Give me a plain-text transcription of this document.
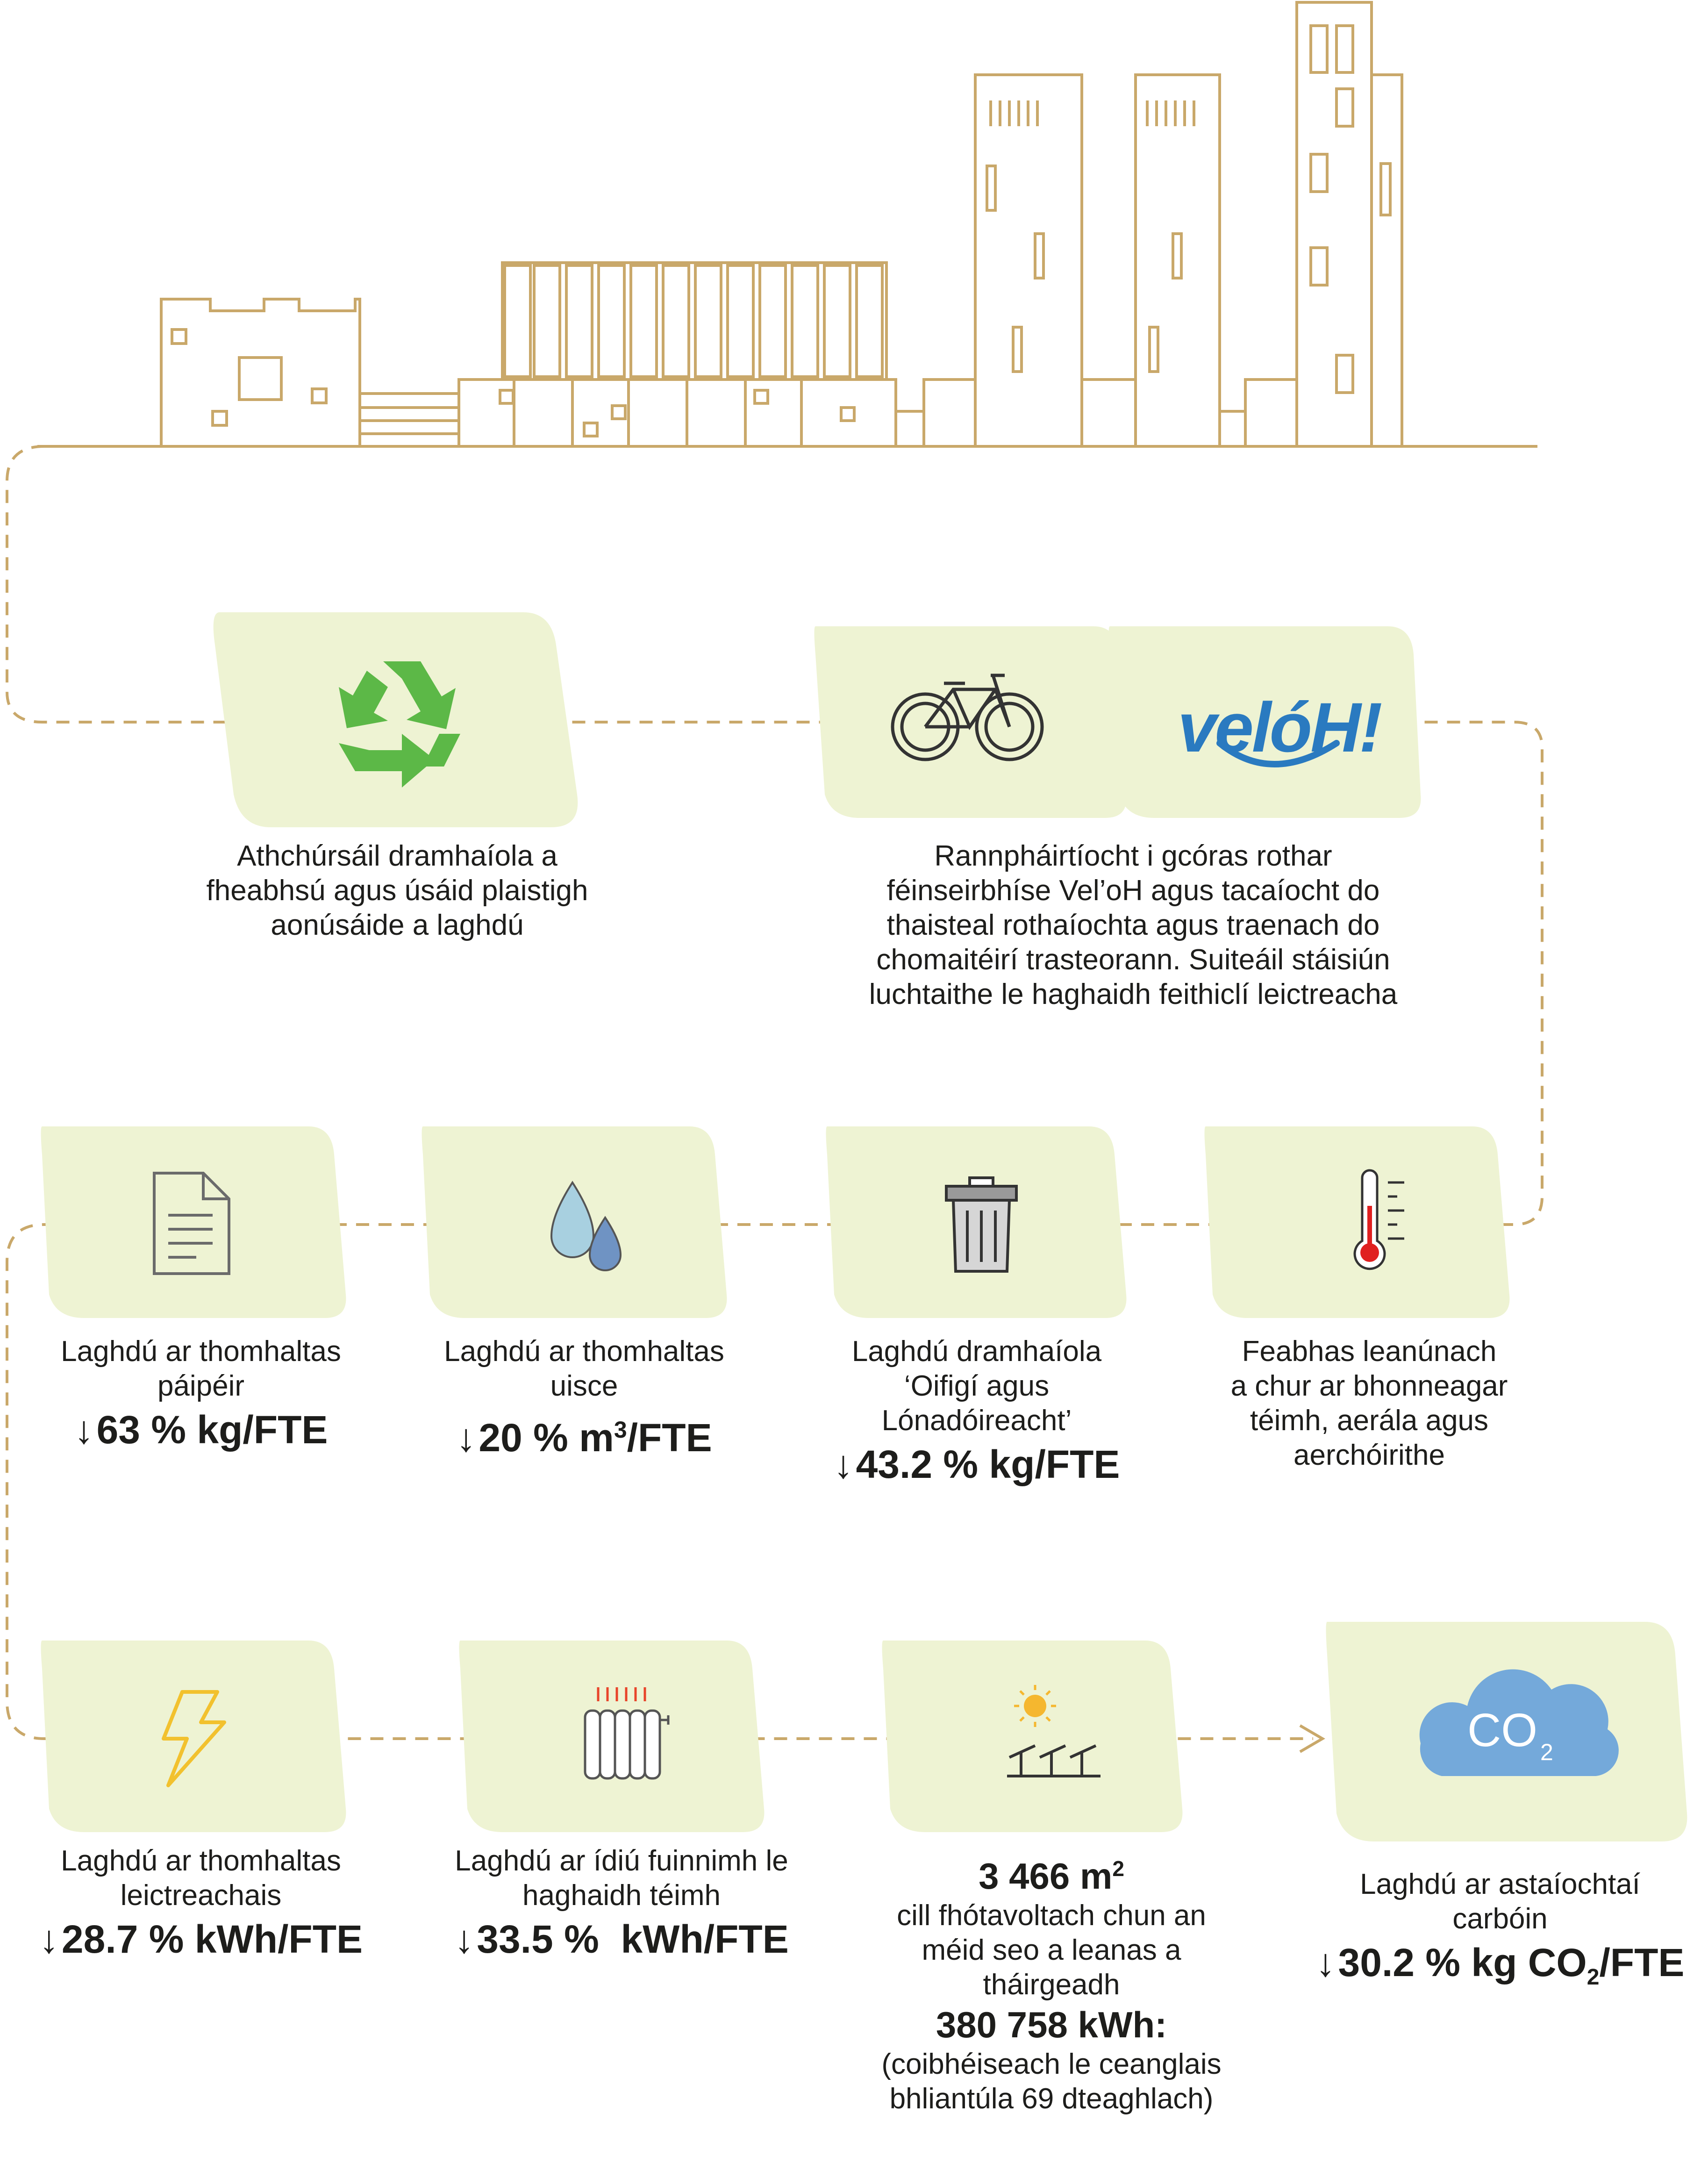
velóH!
CO $_2$

Athchúrsáil dramhaíola a

fheabhsú agus úsáid plaistigh

aonúsáide a laghdú

Rannpháirtíocht i gcóras rothar

féinseirbhíse Vel’oH agus tacaíocht do

thaisteal rothaíochta agus traenach do

chomaitéirí trasteorann. Suiteáil stáisiún

luchtaithe le haghaidh feithiclí leictreacha

Laghdú ar thomhaltas

páipéir

↓63 % kg/FTE

Laghdú ar thomhaltas

uisce

↓20 % $m^3$/FTE

Laghdú dramhaíola

‘Oifigí agus

Lónadóireacht’

↓43.2 % kg/FTE

Feabhas leanúnach

a chur ar bhonneagar

téimh, aerála agus

aerchóirithe

Laghdú ar thomhaltas

leictreachais

↓28.7 % kWh/FTE

Laghdú ar ídiú fuinnimh le

haghaidh téimh

↓33.5 %  kWh/FTE

3 466 $m^2$

cill fhótavoltach chun an

méid seo a leanas a

tháirgeadh

380 758 kWh:

(coibhéiseach le ceanglais

bhliantúla 69 dteaghlach)

Laghdú ar astaíochtaí

carbóin

↓30.2 % kg $CO_2$/FTE
